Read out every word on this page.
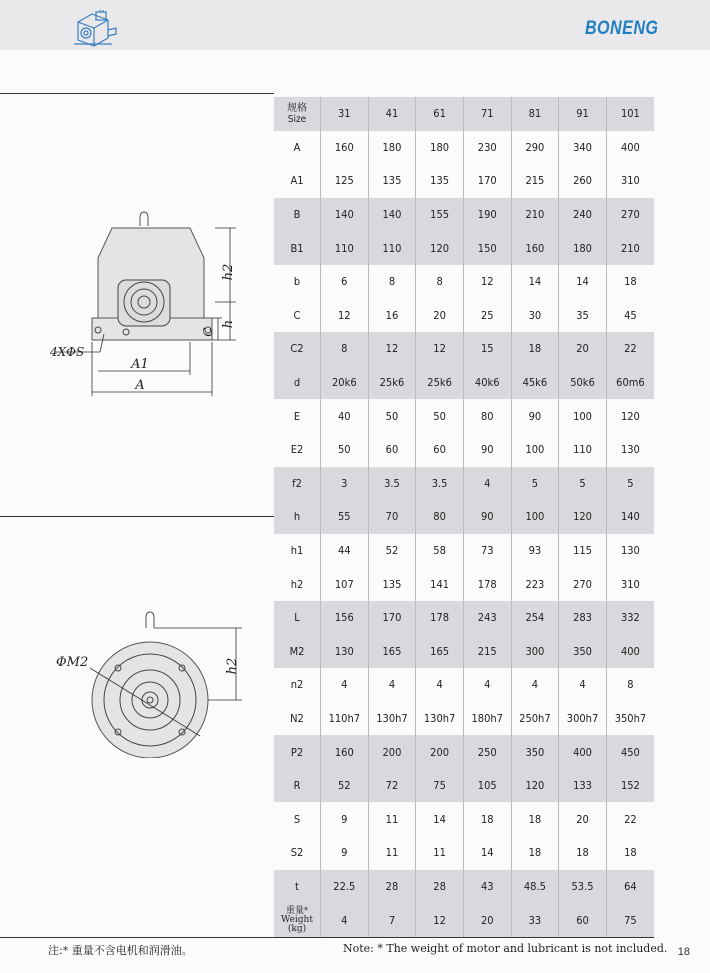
BONENG
h2
h
C
4XΦS
A1
A
ΦM2	h2
规格
Size	31	41	61	71	81	91	101
A	160	180	180	230	290	340	400
A1	125	135	135	170	215	260	310
B	140	140	155	190	210	240	270
B1	110	110	120	150	160	180	210
b	6	8	8	12	14	14	18
C	12	16	20	25	30	35	45
C2	8	12	12	15	18	20	22
d	20k6	25k6	25k6	40k6	45k6	50k6	60m6
E	40	50	50	80	90	100	120
E2	50	60	60	90	100	110	130
f2	3	3.5	3.5	4	5	5	5
h	55	70	80	90	100	120	140
h1	44	52	58	73	93	115	130
h2	107	135	141	178	223	270	310
L	156	170	178	243	254	283	332
M2	130	165	165	215	300	350	400
n2	4	4	4	4	4	4	8
N2	110h7	130h7	130h7	180h7	250h7	300h7	350h7
P2	160	200	200	250	350	400	450
R	52	72	75	105	120	133	152
S	9	11	14	18	18	20	22
S2	9	11	11	14	18	18	18
t	22.5	28	28	43	48.5	53.5	64

重量*
Weight
(kg)	4	7	12	20	33	60	75
注:* 重量不含电机和润滑油。	Note: * The weight of motor and lubricant is not included. 18
